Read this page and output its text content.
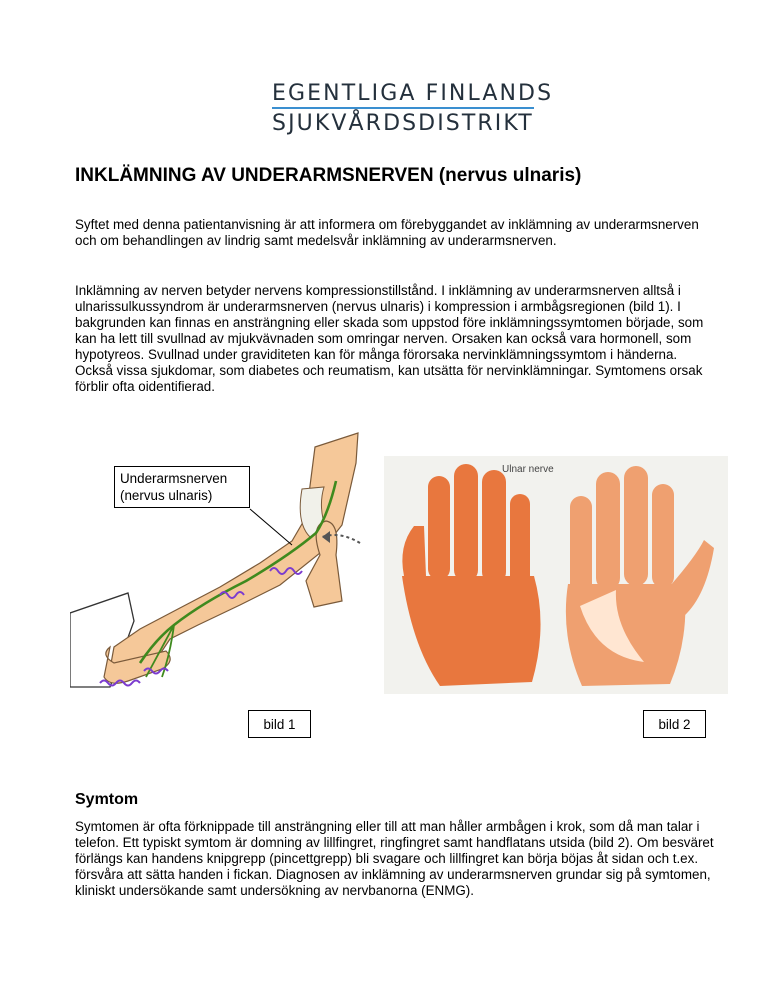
EGENTLIGA FINLANDS
SJUKVÅRDSDISTRIKT
INKLÄMNING AV UNDERARMSNERVEN (nervus ulnaris)

Syftet med denna patientanvisning är att informera om förebyggandet av inklämning av underarmsnerven och om behandlingen av lindrig samt medelsvår inklämning av underarmsnerven.

Inklämning av nerven betyder nervens kompressionstillstånd. I inklämning av underarmsnerven alltså i ulnarissulkussyndrom är underarmsnerven (nervus ulnaris) i kompression i armbågsregionen (bild 1). I bakgrunden kan finnas en ansträngning eller skada som uppstod före inklämningssymtomen började, som kan ha lett till svullnad av mjukvävnaden som omringar nerven. Orsaken kan också vara hormonell, som hypotyreos. Svullnad under graviditeten kan för många förorsaka nervinklämningssymtom i händerna. Också vissa sjukdomar, som diabetes och reumatism, kan utsätta för nervinklämningar. Symtomens orsak förblir ofta oidentifierad.

Underarmsnerven
(nervus ulnaris)
Ulnar nerve
bild 1	bild 2
Symtom

Symtomen är ofta förknippade till ansträngning eller till att man håller armbågen i krok, som då man talar i telefon. Ett typiskt symtom är domning av lillfingret, ringfingret samt handflatans utsida (bild 2). Om besväret förlängs kan handens knipgrepp (pincettgrepp) bli svagare och lillfingret kan börja böjas åt sidan och t.ex. försvåra att sätta handen i fickan. Diagnosen av inklämning av underarmsnerven grundar sig på symtomen, kliniskt undersökande samt undersökning av nervbanorna (ENMG).
